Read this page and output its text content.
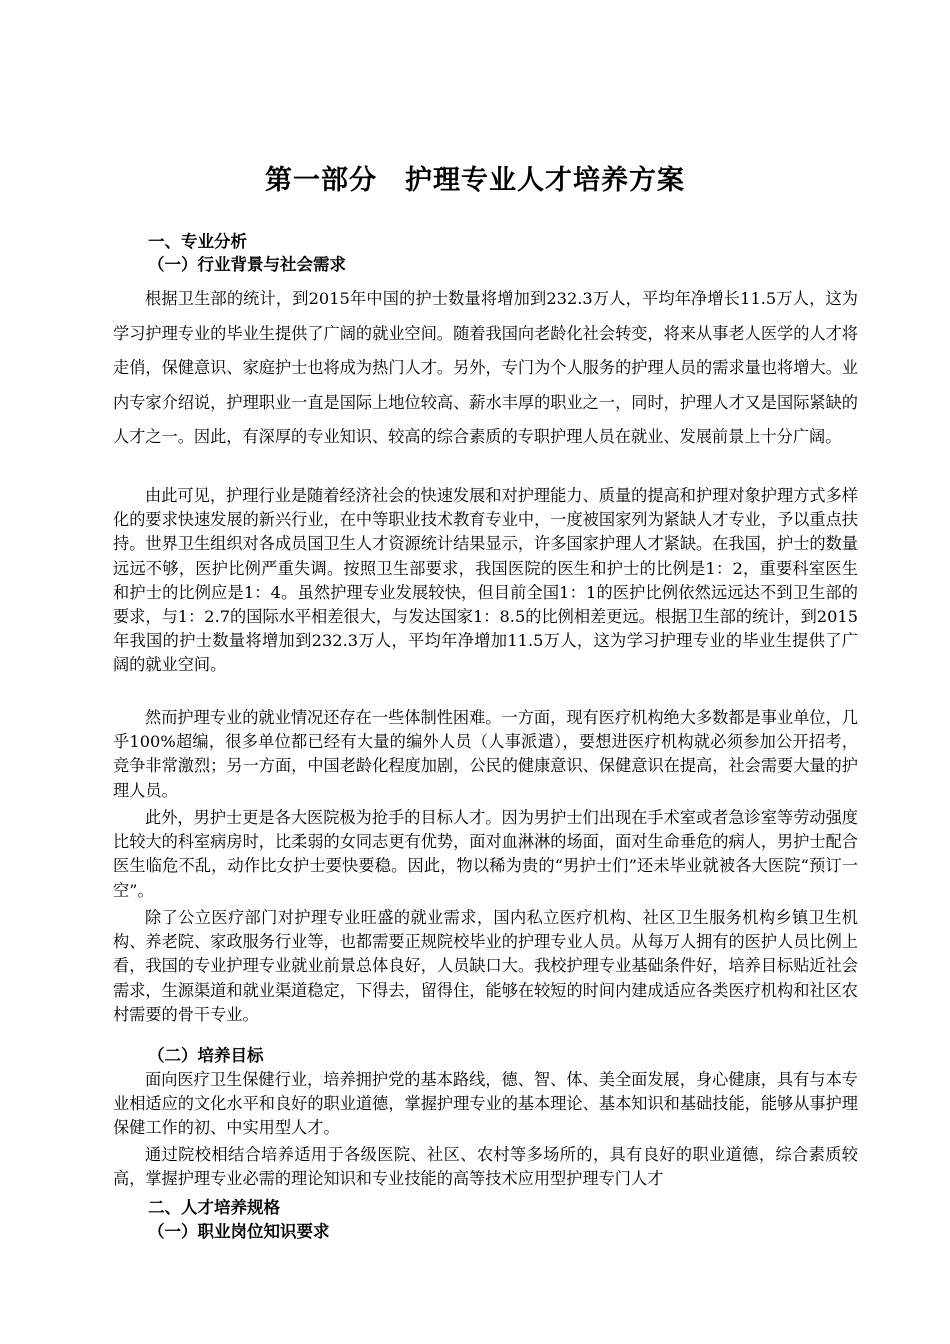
第一部分　护理专业人才培养方案
一、专业分析
（一）行业背景与社会需求

根据卫生部的统计，到2015年中国的护士数量将增加到232.3万人，平均年净增长11.5万人，这为学习护理专业的毕业生提供了广阔的就业空间。随着我国向老龄化社会转变，将来从事老人医学的人才将走俏，保健意识、家庭护士也将成为热门人才。另外，专门为个人服务的护理人员的需求量也将增大。业内专家介绍说，护理职业一直是国际上地位较高、薪水丰厚的职业之一，同时，护理人才又是国际紧缺的人才之一。因此，有深厚的专业知识、较高的综合素质的专职护理人员在就业、发展前景上十分广阔。

由此可见，护理行业是随着经济社会的快速发展和对护理能力、质量的提高和护理对象护理方式多样化的要求快速发展的新兴行业，在中等职业技术教育专业中，一度被国家列为紧缺人才专业，予以重点扶持。世界卫生组织对各成员国卫生人才资源统计结果显示，许多国家护理人才紧缺。在我国，护士的数量远远不够，医护比例严重失调。按照卫生部要求，我国医院的医生和护士的比例是1：2，重要科室医生和护士的比例应是1：4。虽然护理专业发展较快，但目前全国1：1的医护比例依然远远达不到卫生部的要求，与1：2.7的国际水平相差很大，与发达国家1：8.5的比例相差更远。根据卫生部的统计，到2015年我国的护士数量将增加到232.3万人，平均年净增加11.5万人，这为学习护理专业的毕业生提供了广阔的就业空间。

然而护理专业的就业情况还存在一些体制性困难。一方面，现有医疗机构绝大多数都是事业单位，几乎100%超编，很多单位都已经有大量的编外人员（人事派遣），要想进医疗机构就必须参加公开招考，竞争非常激烈；另一方面，中国老龄化程度加剧，公民的健康意识、保健意识在提高，社会需要大量的护理人员。

此外，男护士更是各大医院极为抢手的目标人才。因为男护士们出现在手术室或者急诊室等劳动强度比较大的科室病房时，比柔弱的女同志更有优势，面对血淋淋的场面，面对生命垂危的病人，男护士配合医生临危不乱，动作比女护士要快要稳。因此，物以稀为贵的“男护士们”还未毕业就被各大医院“预订一空”。

除了公立医疗部门对护理专业旺盛的就业需求，国内私立医疗机构、社区卫生服务机构乡镇卫生机构、养老院、家政服务行业等，也都需要正规院校毕业的护理专业人员。从每万人拥有的医护人员比例上看，我国的专业护理专业就业前景总体良好，人员缺口大。我校护理专业基础条件好，培养目标贴近社会需求，生源渠道和就业渠道稳定，下得去，留得住，能够在较短的时间内建成适应各类医疗机构和社区农村需要的骨干专业。

（二）培养目标

面向医疗卫生保健行业，培养拥护党的基本路线，德、智、体、美全面发展，身心健康，具有与本专业相适应的文化水平和良好的职业道德，掌握护理专业的基本理论、基本知识和基础技能，能够从事护理保健工作的初、中实用型人才。

通过院校相结合培养适用于各级医院、社区、农村等多场所的，具有良好的职业道德，综合素质较高，掌握护理专业必需的理论知识和专业技能的高等技术应用型护理专门人才

二、人才培养规格
（一）职业岗位知识要求
